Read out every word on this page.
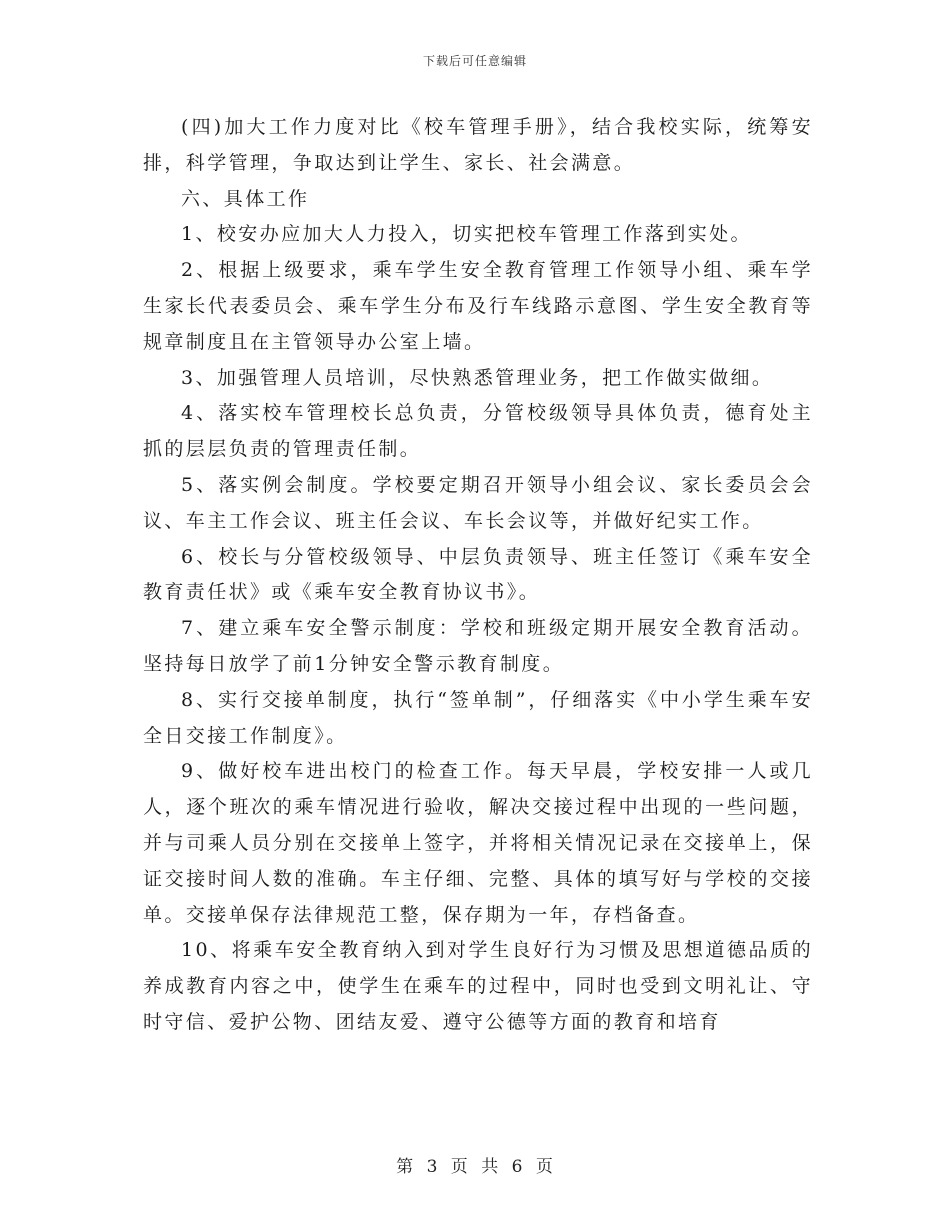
下载后可任意编辑

(四)加大工作力度对比《校车管理手册》，结合我校实际，统筹安排，科学管理，争取达到让学生、家长、社会满意。

六、具体工作

1、校安办应加大人力投入，切实把校车管理工作落到实处。

2、根据上级要求，乘车学生安全教育管理工作领导小组、乘车学生家长代表委员会、乘车学生分布及行车线路示意图、学生安全教育等规章制度且在主管领导办公室上墙。

3、加强管理人员培训，尽快熟悉管理业务，把工作做实做细。

4、落实校车管理校长总负责，分管校级领导具体负责，德育处主抓的层层负责的管理责任制。

5、落实例会制度。学校要定期召开领导小组会议、家长委员会会议、车主工作会议、班主任会议、车长会议等，并做好纪实工作。

6、校长与分管校级领导、中层负责领导、班主任签订《乘车安全教育责任状》或《乘车安全教育协议书》。

7、建立乘车安全警示制度：学校和班级定期开展安全教育活动。坚持每日放学了前1分钟安全警示教育制度。

8、实行交接单制度，执行“签单制”，仔细落实《中小学生乘车安全日交接工作制度》。

9、做好校车进出校门的检查工作。每天早晨，学校安排一人或几人，逐个班次的乘车情况进行验收，解决交接过程中出现的一些问题，并与司乘人员分别在交接单上签字，并将相关情况记录在交接单上，保证交接时间人数的准确。车主仔细、完整、具体的填写好与学校的交接单。交接单保存法律规范工整，保存期为一年，存档备查。

10、将乘车安全教育纳入到对学生良好行为习惯及思想道德品质的养成教育内容之中，使学生在乘车的过程中，同时也受到文明礼让、守时守信、爱护公物、团结友爱、遵守公德等方面的教育和培育

第 3 页 共 6 页
